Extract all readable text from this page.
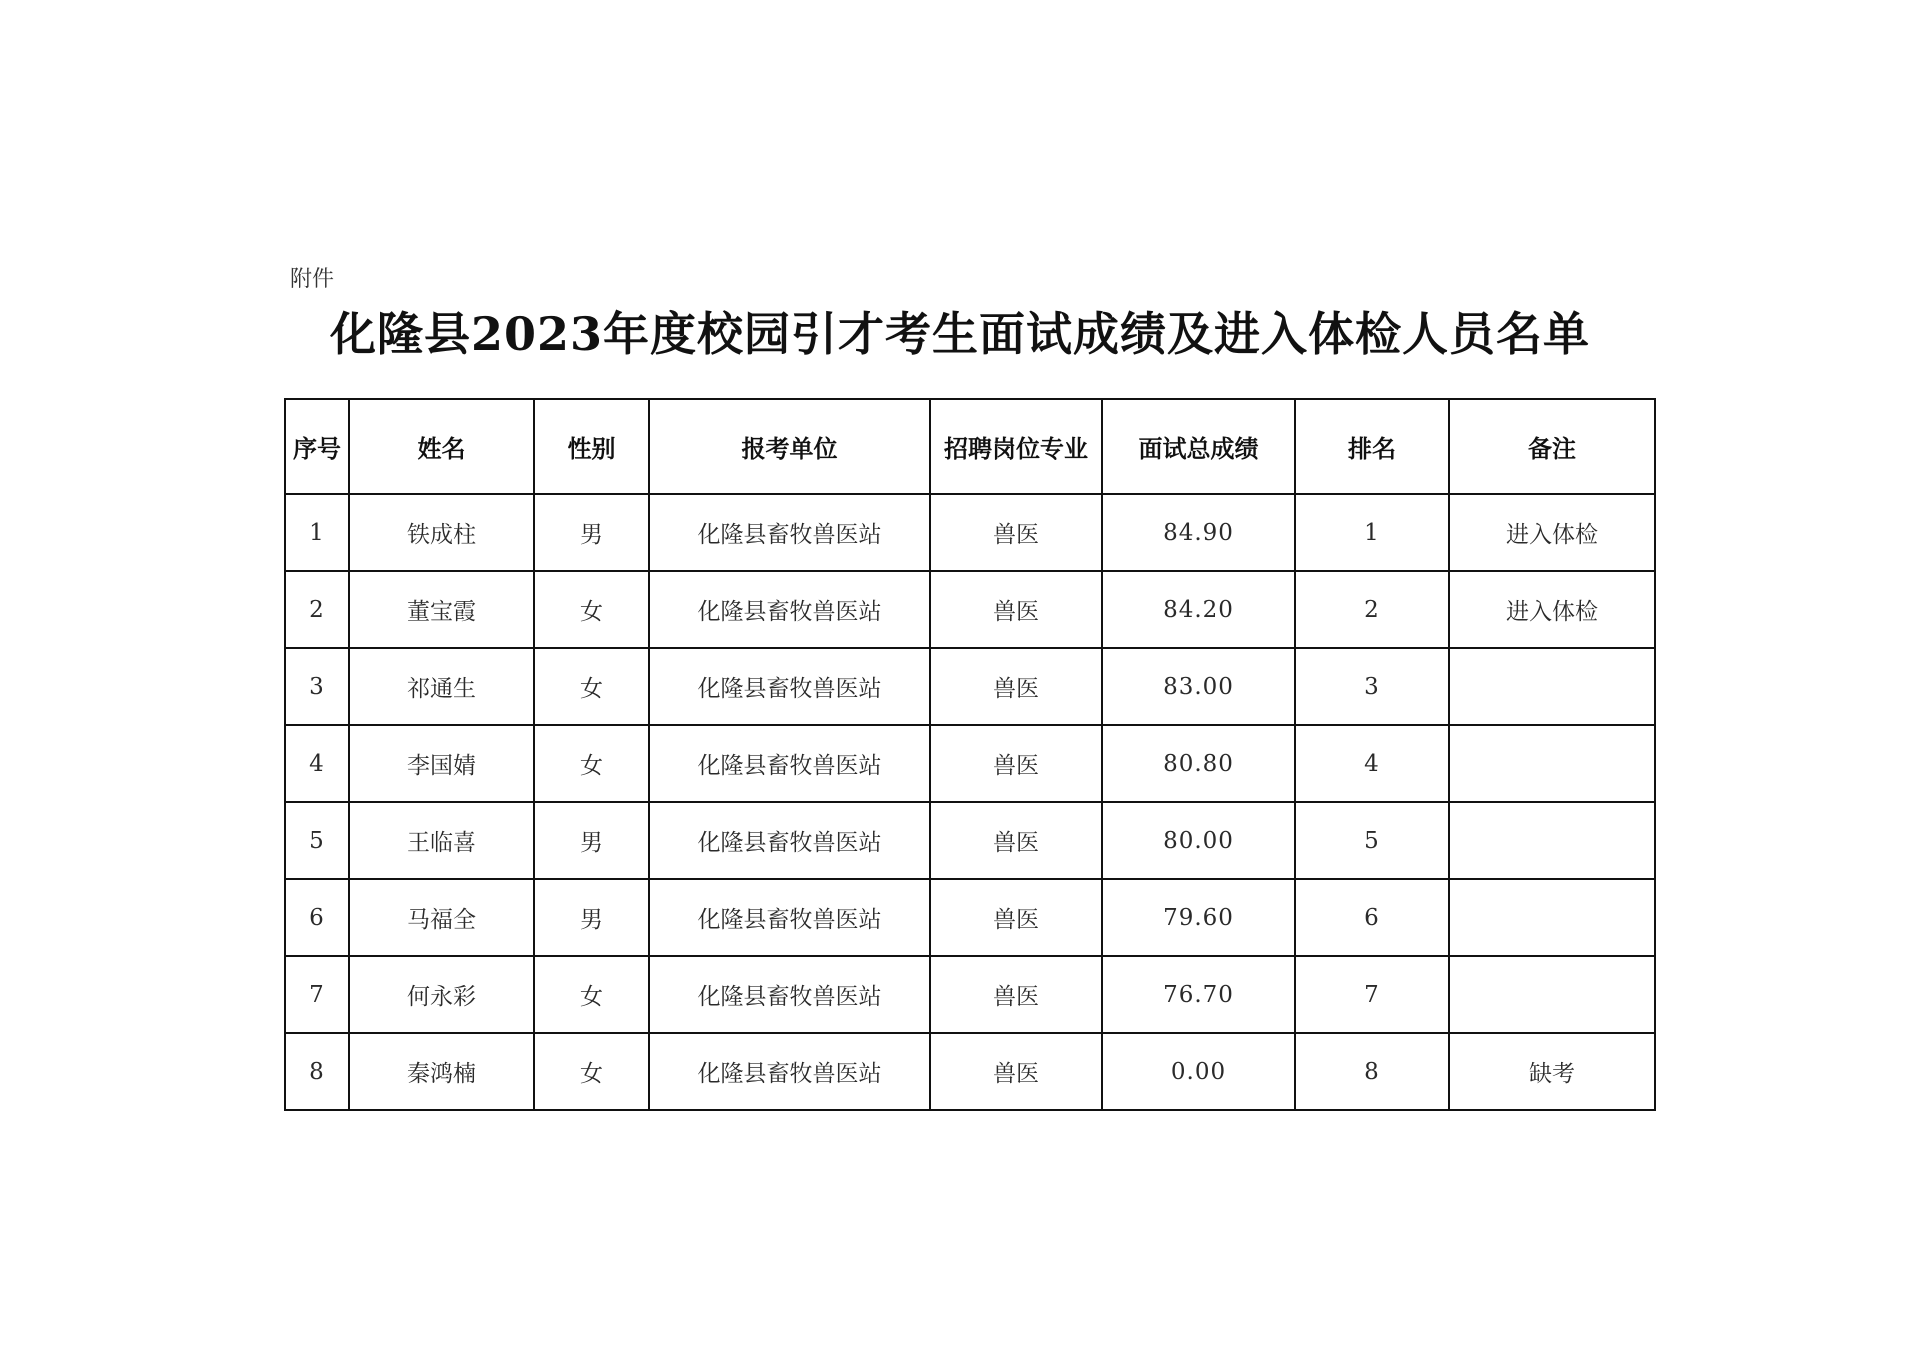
附件
化隆县2023年度校园引才考生面试成绩及进入体检人员名单
序号	姓名	性别	报考单位	招聘岗位专业	面试总成绩	排名	备注
1	铁成柱	男	化隆县畜牧兽医站	兽医	84.90	1	进入体检
2	董宝霞	女	化隆县畜牧兽医站	兽医	84.20	2	进入体检
3	祁通生	女	化隆县畜牧兽医站	兽医	83.00	3	
4	李国婧	女	化隆县畜牧兽医站	兽医	80.80	4	
5	王临喜	男	化隆县畜牧兽医站	兽医	80.00	5	
6	马福全	男	化隆县畜牧兽医站	兽医	79.60	6	
7	何永彩	女	化隆县畜牧兽医站	兽医	76.70	7	
8	秦鸿楠	女	化隆县畜牧兽医站	兽医	0.00	8	缺考
